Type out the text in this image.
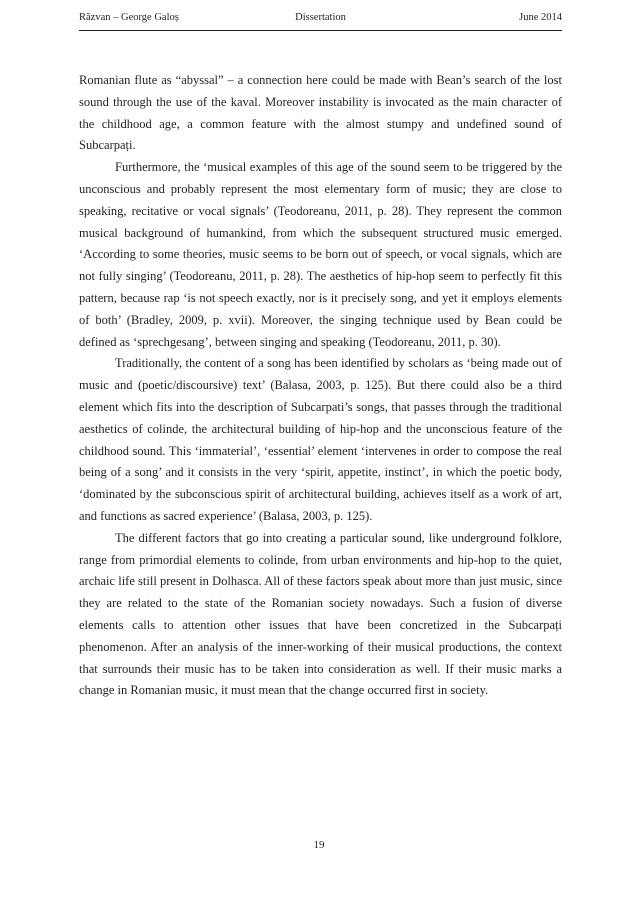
Răzvan – George Galoș	Dissertation	June 2014

Romanian flute as “abyssal” – a connection here could be made with Bean’s search of the lost sound through the use of the kaval. Moreover instability is invocated as the main character of the childhood age, a common feature with the almost stumpy and undefined sound of Subcarpați.

Furthermore, the ‘musical examples of this age of the sound seem to be triggered by the unconscious and probably represent the most elementary form of music; they are close to speaking, recitative or vocal signals’ (Teodoreanu, 2011, p. 28). They represent the common musical background of humankind, from which the subsequent structured music emerged. ‘According to some theories, music seems to be born out of speech, or vocal signals, which are not fully singing’ (Teodoreanu, 2011, p. 28). The aesthetics of hip-hop seem to perfectly fit this pattern, because rap ‘is not speech exactly, nor is it precisely song, and yet it employs elements of both’ (Bradley, 2009, p. xvii). Moreover, the singing technique used by Bean could be defined as ‘sprechgesang’, between singing and speaking (Teodoreanu, 2011, p. 30).

Traditionally, the content of a song has been identified by scholars as ‘being made out of music and (poetic/discoursive) text’ (Balasa, 2003, p. 125). But there could also be a third element which fits into the description of Subcarpati’s songs, that passes through the traditional aesthetics of colinde, the architectural building of hip-hop and the unconscious feature of the childhood sound. This ‘immaterial’, ‘essential’ element ‘intervenes in order to compose the real being of a song’ and it consists in the very ‘spirit, appetite, instinct’, in which the poetic body, ‘dominated by the subconscious spirit of architectural building, achieves itself as a work of art, and functions as sacred experience’ (Balasa, 2003, p. 125).

The different factors that go into creating a particular sound, like underground folklore, range from primordial elements to colinde, from urban environments and hip-hop to the quiet, archaic life still present in Dolhasca. All of these factors speak about more than just music, since they are related to the state of the Romanian society nowadays. Such a fusion of diverse elements calls to attention other issues that have been concretized in the Subcarpați phenomenon. After an analysis of the inner-working of their musical productions, the context that surrounds their music has to be taken into consideration as well. If their music marks a change in Romanian music, it must mean that the change occurred first in society.

19
